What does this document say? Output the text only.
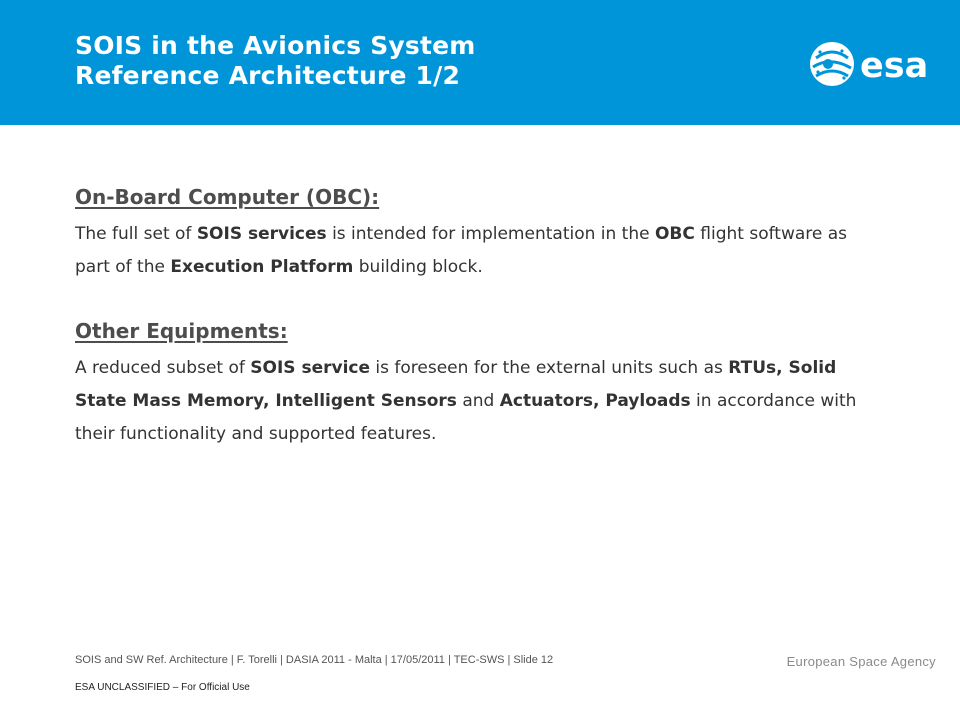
SOIS in the Avionics System
Reference Architecture 1/2	esa
On-Board Computer (OBC):

The full set of SOIS services is intended for implementation in the OBC flight software as part of the Execution Platform building block.

Other Equipments:

A reduced subset of SOIS service is foreseen for the external units such as RTUs, Solid State Mass Memory, Intelligent Sensors and Actuators, Payloads in accordance with their functionality and supported features.

SOIS and SW Ref. Architecture | F. Torelli | DASIA 2011 - Malta | 17/05/2011 | TEC-SWS | Slide 12	European Space Agency
ESA UNCLASSIFIED – For Official Use
